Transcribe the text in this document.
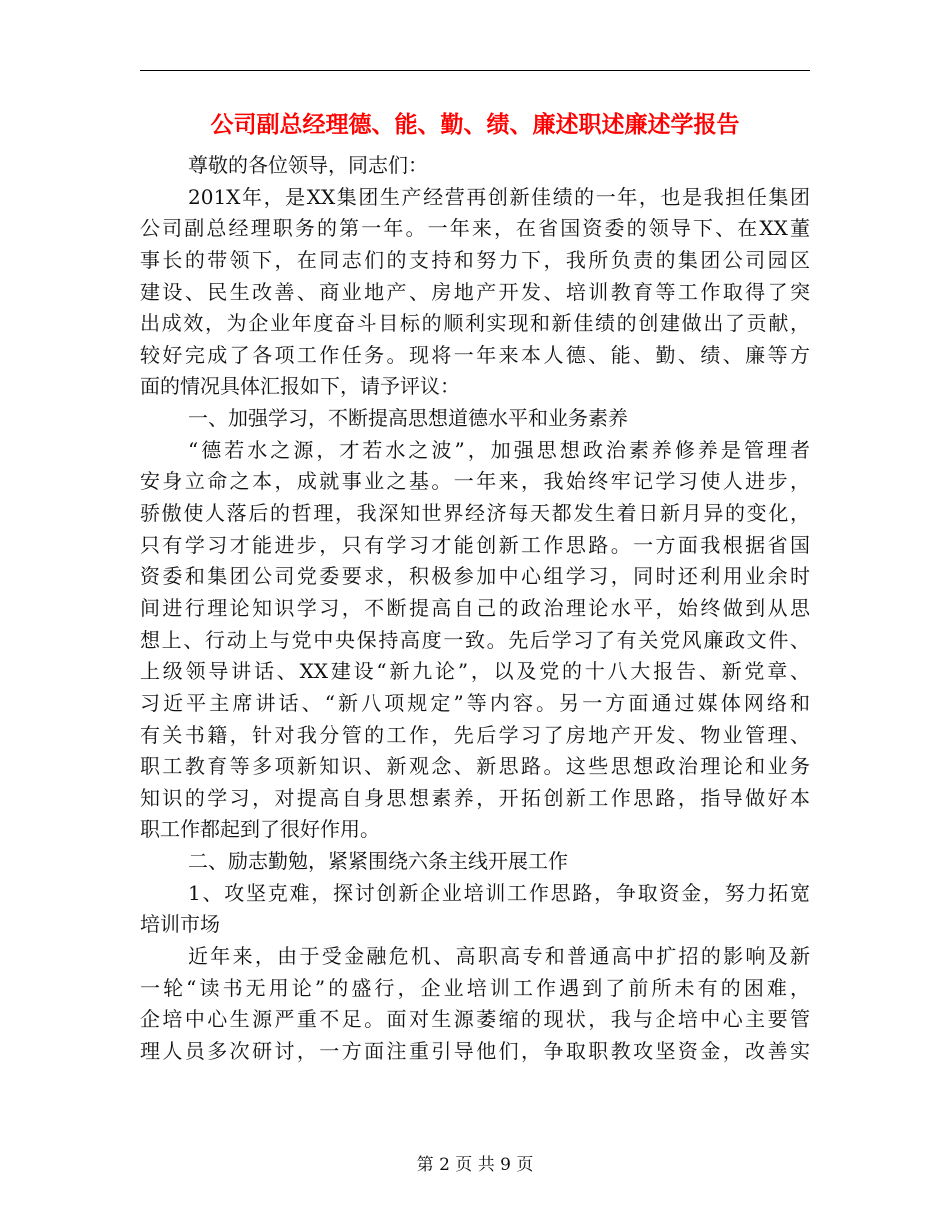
公司副总经理德、能、勤、绩、廉述职述廉述学报告
尊敬的各位领导，同志们：
201X年，是XX集团生产经营再创新佳绩的一年，也是我担任集团
公司副总经理职务的第一年。一年来，在省国资委的领导下、在XX董
事长的带领下，在同志们的支持和努力下，我所负责的集团公司园区
建设、民生改善、商业地产、房地产开发、培训教育等工作取得了突
出成效，为企业年度奋斗目标的顺利实现和新佳绩的创建做出了贡献，
较好完成了各项工作任务。现将一年来本人德、能、勤、绩、廉等方
面的情况具体汇报如下，请予评议：
一、加强学习，不断提高思想道德水平和业务素养
“德若水之源，才若水之波”，加强思想政治素养修养是管理者
安身立命之本，成就事业之基。一年来，我始终牢记学习使人进步，
骄傲使人落后的哲理，我深知世界经济每天都发生着日新月异的变化，
只有学习才能进步，只有学习才能创新工作思路。一方面我根据省国
资委和集团公司党委要求，积极参加中心组学习，同时还利用业余时
间进行理论知识学习，不断提高自己的政治理论水平，始终做到从思
想上、行动上与党中央保持高度一致。先后学习了有关党风廉政文件、
上级领导讲话、XX建设“新九论”，以及党的十八大报告、新党章、
习近平主席讲话、“新八项规定”等内容。另一方面通过媒体网络和
有关书籍，针对我分管的工作，先后学习了房地产开发、物业管理、
职工教育等多项新知识、新观念、新思路。这些思想政治理论和业务
知识的学习，对提高自身思想素养，开拓创新工作思路，指导做好本
职工作都起到了很好作用。
二、励志勤勉，紧紧围绕六条主线开展工作
1、攻坚克难，探讨创新企业培训工作思路，争取资金，努力拓宽
培训市场
近年来，由于受金融危机、高职高专和普通高中扩招的影响及新
一轮“读书无用论”的盛行，企业培训工作遇到了前所未有的困难，
企培中心生源严重不足。面对生源萎缩的现状，我与企培中心主要管
理人员多次研讨，一方面注重引导他们，争取职教攻坚资金，改善实
第 2 页 共 9 页
